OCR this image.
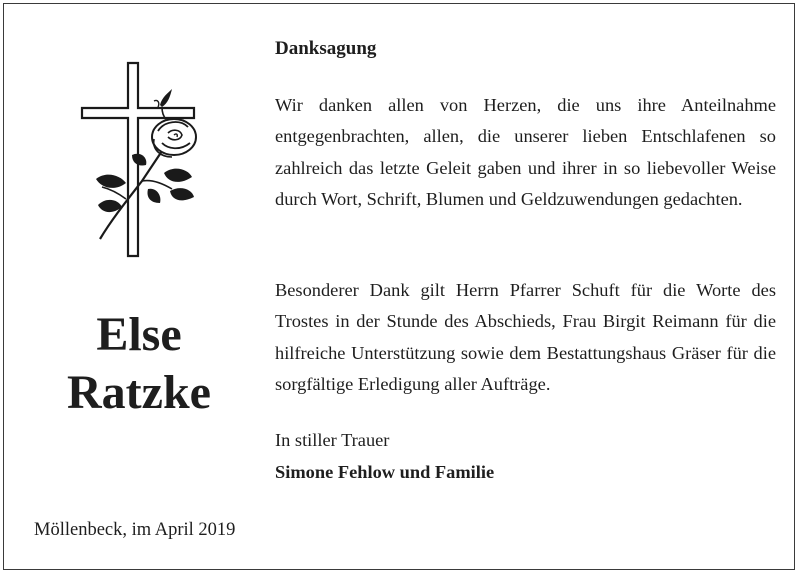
Else
Ratzke
Möllenbeck, im April 2019
Danksagung

Wir danken allen von Herzen, die uns ihre Anteilnahme entgegenbrachten, allen, die unserer lieben Entschlafenen so zahlreich das letzte Geleit gaben und ihrer in so liebevoller Weise durch Wort, Schrift, Blumen und Geldzuwendungen gedachten.

Besonderer Dank gilt Herrn Pfarrer Schuft für die Worte des Trostes in der Stunde des Abschieds, Frau Birgit Reimann für die hilfreiche Unterstützung sowie dem Bestattungshaus Gräser für die sorgfältige Erledigung aller Aufträge.

In stiller Trauer
Simone Fehlow und Familie
